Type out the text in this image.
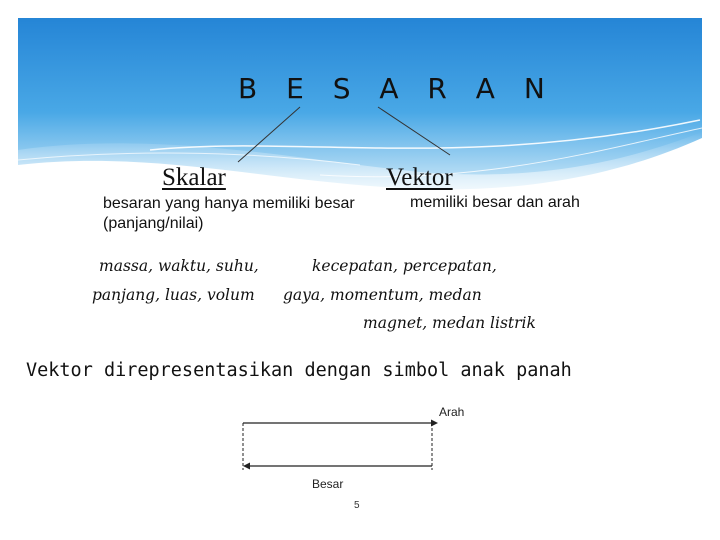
B E S A R A N
Skalar	Vektor
besaran yang hanya memiliki besar (panjang/nilai)
memiliki besar dan arah
massa, waktu, suhu,
panjang, luas, volum
kecepatan, percepatan,
gaya, momentum, medan
magnet, medan listrik
Vektor direpresentasikan dengan simbol anak panah
Arah
Besar
5
